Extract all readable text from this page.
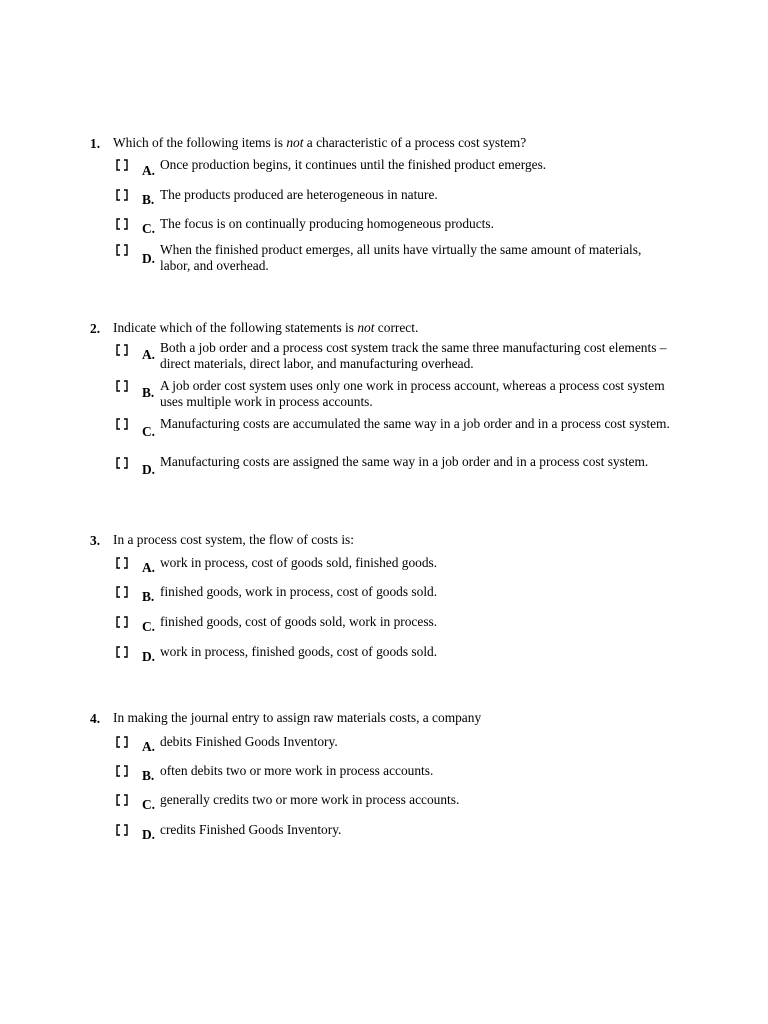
1. Which of the following items is not a characteristic of a process cost system?
A. Once production begins, it continues until the finished product emerges.
B. The products produced are heterogeneous in nature.
C. The focus is on continually producing homogeneous products.
D.
When the finished product emerges, all units have virtually the same amount of materials, labor, and overhead.
2. Indicate which of the following statements is not correct.
A. Both a job order and a process cost system track the same three manufacturing cost elements – direct materials, direct labor, and manufacturing overhead.
B. A job order cost system uses only one work in process account, whereas a process cost system uses multiple work in process accounts.
C.
Manufacturing costs are accumulated the same way in a job order and in a process cost system.
D.
Manufacturing costs are assigned the same way in a job order and in a process cost system.
3. In a process cost system, the flow of costs is:
A. work in process, cost of goods sold, finished goods.
B. finished goods, work in process, cost of goods sold.
C. finished goods, cost of goods sold, work in process.
D. work in process, finished goods, cost of goods sold.
4. In making the journal entry to assign raw materials costs, a company
A. debits Finished Goods Inventory.
B. often debits two or more work in process accounts.
C. generally credits two or more work in process accounts.
D. credits Finished Goods Inventory.
